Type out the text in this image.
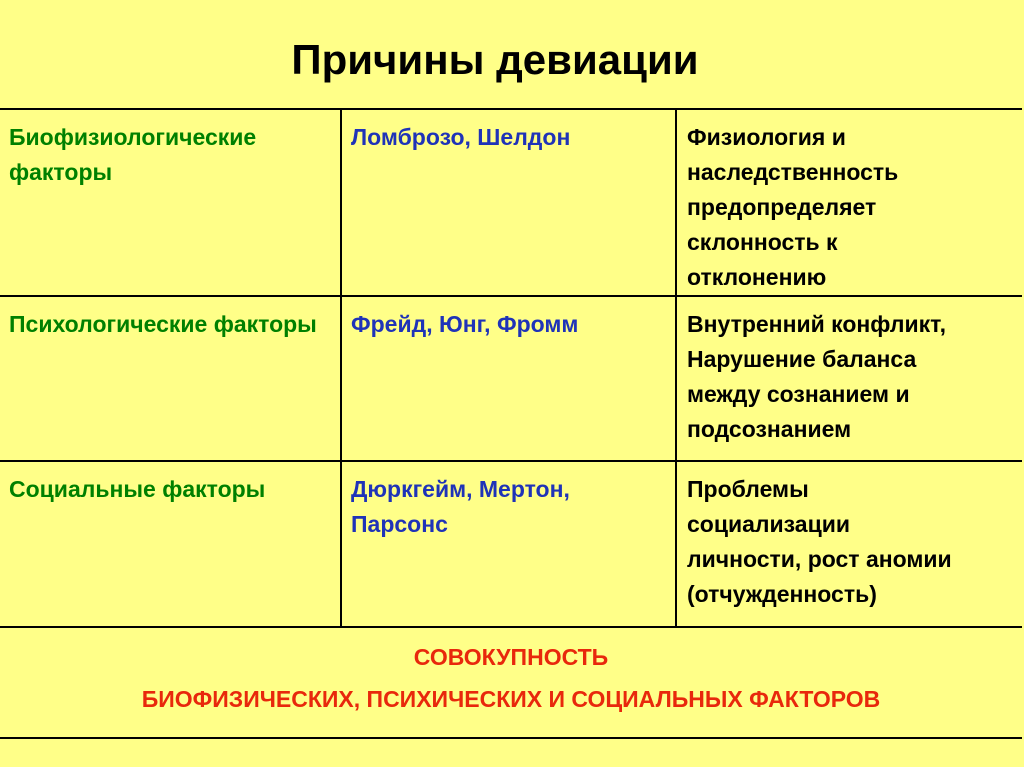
Причины девиации
Биофизиологические факторы	Ломброзо, Шелдон	Физиология и
наследственность
предопределяет
склонность к
отклонению

Психологические факторы	Фрейд, Юнг, Фромм	Внутренний конфликт,
Нарушение баланса
между сознанием и
подсознанием

Социальные факторы	Дюркгейм, Мертон, Парсонс	Проблемы
социализации
личности, рост аномии
(отчужденность)

СОВОКУПНОСТЬ
БИОФИЗИЧЕСКИХ, ПСИХИЧЕСКИХ И СОЦИАЛЬНЫХ ФАКТОРОВ		
